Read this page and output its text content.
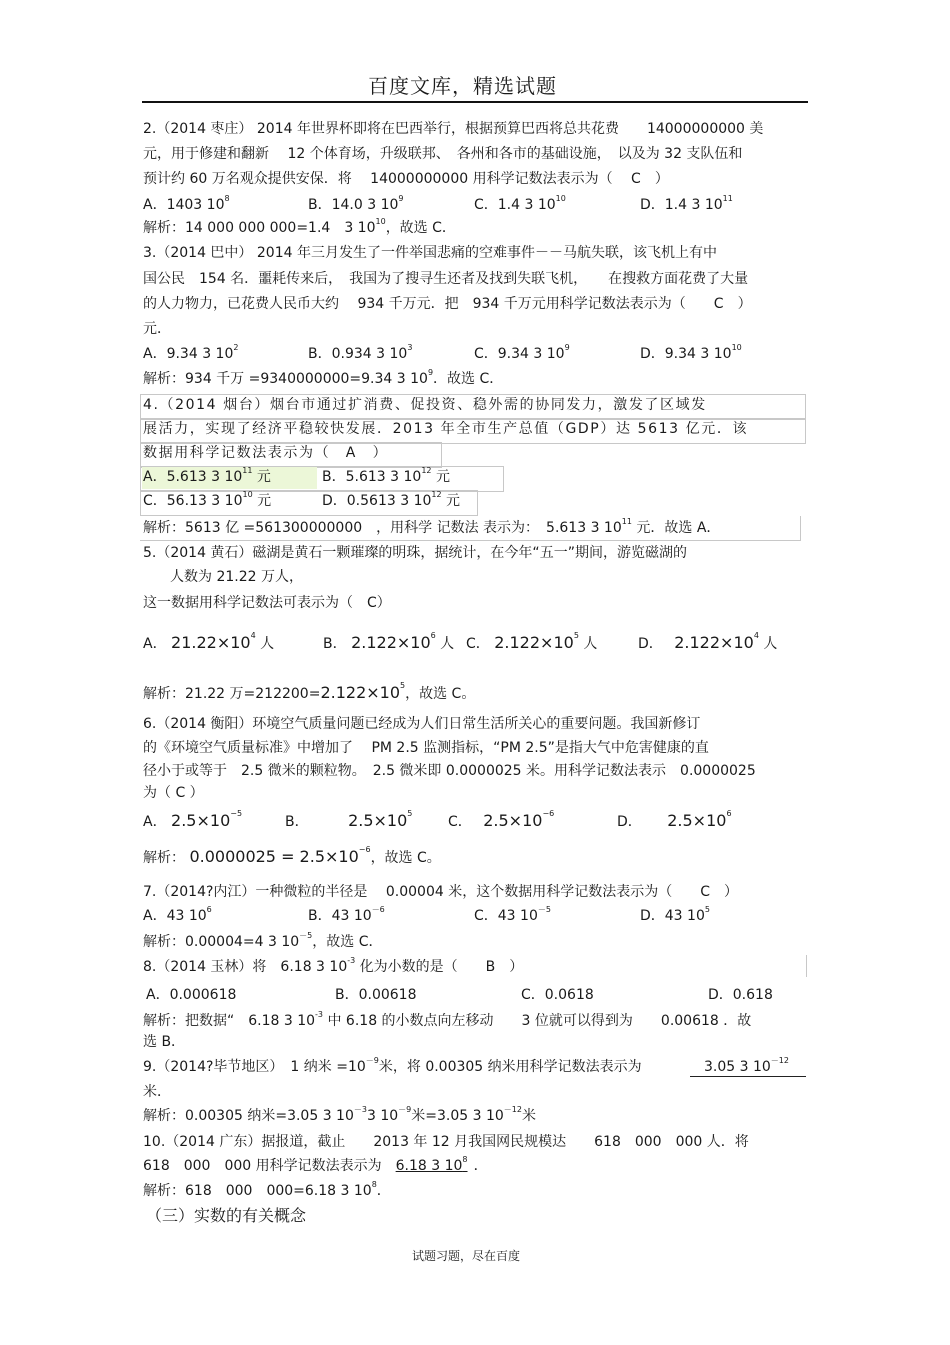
百度文库，精选试题
2.（2014 枣庄） 2014 年世界杯即将在巴西举行，根据预算巴西将总共花费　　14000000000 美
元，用于修建和翻新　 12 个体育场，升级联邦、　各州和各市的基础设施，　以及为 32 支队伍和
预计约 60 万名观众提供安保．将　 14000000000 用科学记数法表示为（　 C　）
A．1403 $10^8$	B．14.0 3 $10^9$	C．1.4 3 $10^{10}$	D．1.4 3 $10^{11}$
解析：14 000 000 000=1.4　3 $10^{10}$，故选 C．
3.（2014 巴中） 2014 年三月发生了一件举国悲痛的空难事件－－马航失联，该飞机上有中
国公民　154 名．噩耗传来后，　我国为了搜寻生还者及找到失联飞机，　　在搜救方面花费了大量
的人力物力，已花费人民币大约　 934 千万元．把　934 千万元用科学记数法表示为（　　C　）
元．
A．9.34 3 $10^2$	B．0.934 3 $10^3$	C．9.34 3 $10^9$	D．9.34 3 $10^{10}$
解析：934 千万 =9340000000=9.34 3 $10^9$．故选 C．
4.（2014 烟台）烟台市通过扩消费、促投资、稳外需的协同发力，激发了区域发
展活力，实现了经济平稳较快发展．2013 年全市生产总值（GDP）达 5613 亿元．该
数据用科学记数法表示为（　A　）
A．5.613 3 $10^{11}$ 元	B．5.613 3 $10^{12}$ 元
C．56.13 3 $10^{10}$ 元	D．0.5613 3 $10^{12}$ 元
解析：5613 亿 =561300000000　，用科学 记数法 表示为：　5.613 3 $10^{11}$ 元．故选 A．
5.（2014 黄石）磁湖是黄石一颗璀璨的明珠，据统计，在今年“五一”期间，游览磁湖的
人数为 21.22 万人，
这一数据用科学记数法可表示为（　C）
A． $21.22\times 10^4$ 人	B． $2.122\times 10^6$ 人 C． $2.122\times 10^5$ 人	D．　 $2.122\times 10^4$ 人
解析：21.22 万$=212200=2.122\times 10^5$，故选 C。
6.（2014 衡阳）环境空气质量问题已经成为人们日常生活所关心的重要问题。我国新修订
的《环境空气质量标准》中增加了　 PM 2.5 监测指标，“PM 2.5”是指大气中危害健康的直
径小于或等于　2.5 微米的颗粒物。　2.5 微米即 0.0000025 米。用科学记数法表示　0.0000025
为（ C ）
A． $2.5\times 10^{-5}$
B．　　　	$2.5\times 10^5$
C．　 $2.5\times 10^{-6}$
D．　　 $2.5\times 10^6$
解析： $0.0000025 = 2.5\times 10^{-6}$，故选 C。
7.（2014?内江）一种微粒的半径是　 0.00004 米，这个数据用科学记数法表示为（　　C　）
A．43 $10^6$	B．43 $10^{-6}$	C．43 $10^{-5}$	D．43 $10^5$
解析：0.00004=4 3 $10^{-5}$，故选 C．
8.（2014 玉林）将　6.18 3 $10^{-3}$ 化为小数的是（　　B　）
A．0.000618	B．0.00618	C．0.0618	D．0.618
解析：把数据“　6.18 3 $10^{-3}$ 中 6.18 的小数点向左移动　　3 位就可以得到为　　0.00618 ．故
选 B．
9.（2014?毕节地区）　1 纳米 $=10^{-9}$米，将 0.00305 纳米用科学记数法表示为	　3.05 3 $10^{-12}$
米．
解析：0.00305 纳米=3.05 3 $10^{-3}3$ $10^{-9}$米=3.05 3 $10^{-12}$米
10.（2014 广东）据报道，截止　　2013 年 12 月我国网民规模达　　618　000　000 人．将
618　000　000 用科学记数法表示为　6.18 3 $10^8$ ．
解析：618　000　000=6.18 3 $10^8$．
（三）实数的有关概念
试题习题，尽在百度
